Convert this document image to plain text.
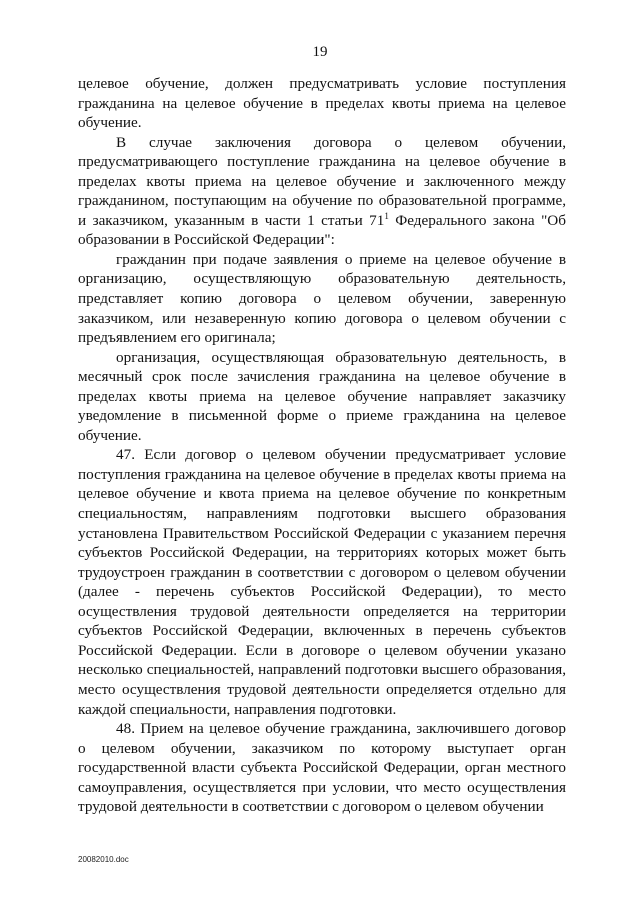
19

целевое обучение, должен предусматривать условие поступления гражданина на целевое обучение в пределах квоты приема на целевое обучение.

В случае заключения договора о целевом обучении, предусматривающего поступление гражданина на целевое обучение в пределах квоты приема на целевое обучение и заключенного между гражданином, поступающим на обучение по образовательной программе, и заказчиком, указанным в части 1 статьи $71^1$ Федерального закона "Об образовании в Российской Федерации":

гражданин при подаче заявления о приеме на целевое обучение в организацию, осуществляющую образовательную деятельность, представляет копию договора о целевом обучении, заверенную заказчиком, или незаверенную копию договора о целевом обучении с предъявлением его оригинала;

организация, осуществляющая образовательную деятельность, в месячный срок после зачисления гражданина на целевое обучение в пределах квоты приема на целевое обучение направляет заказчику уведомление в письменной форме о приеме гражданина на целевое обучение.

47. Если договор о целевом обучении предусматривает условие поступления гражданина на целевое обучение в пределах квоты приема на целевое обучение и квота приема на целевое обучение по конкретным специальностям, направлениям подготовки высшего образования установлена Правительством Российской Федерации с указанием перечня субъектов Российской Федерации, на территориях которых может быть трудоустроен гражданин в соответствии с договором о целевом обучении (далее - перечень субъектов Российской Федерации), то место осуществления трудовой деятельности определяется на территории субъектов Российской Федерации, включенных в перечень субъектов Российской Федерации. Если в договоре о целевом обучении указано несколько специальностей, направлений подготовки высшего образования, место осуществления трудовой деятельности определяется отдельно для каждой специальности, направления подготовки.

48. Прием на целевое обучение гражданина, заключившего договор о целевом обучении, заказчиком по которому выступает орган государственной власти субъекта Российской Федерации, орган местного самоуправления, осуществляется при условии, что место осуществления трудовой деятельности в соответствии с договором о целевом обучении

20082010.doc
